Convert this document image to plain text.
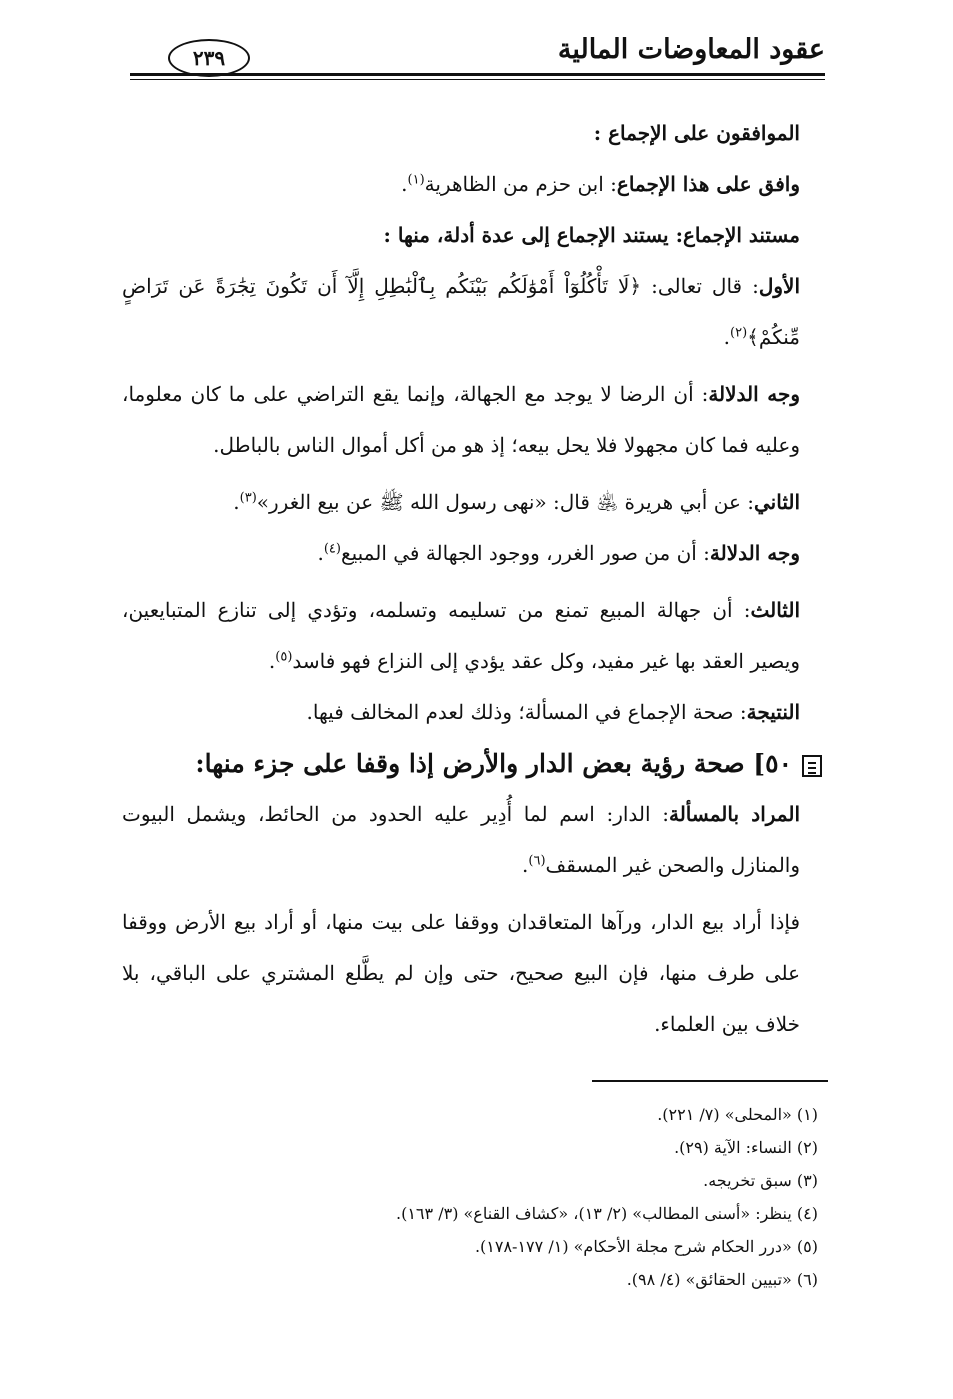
عقود المعاوضات المالية
٢٣٩

الموافقون على الإجماع :

وافق على هذا الإجماع: ابن حزم من الظاهرية$^{(١)}$.

مستند الإجماع: يستند الإجماع إلى عدة أدلة، منها :

الأول: قال تعالى: ﴿لَا تَأْكُلُوٓاْ أَمْوَٰلَكُم بَيْنَكُم بِٱلْبَٰطِلِ إِلَّآ أَن تَكُونَ تِجَٰرَةً عَن تَرَاضٍ مِّنكُمْ﴾$^{(٢)}$.

وجه الدلالة: أن الرضا لا يوجد مع الجهالة، وإنما يقع التراضي على ما كان معلوما، وعليه فما كان مجهولا فلا يحل بيعه؛ إذ هو من أكل أموال الناس بالباطل.

الثاني: عن أبي هريرة ﵁ قال: «نهى رسول الله ﷺ عن بيع الغرر»$^{(٣)}$.

وجه الدلالة: أن من صور الغرر، ووجود الجهالة في المبيع$^{(٤)}$.

الثالث: أن جهالة المبيع تمنع من تسليمه وتسلمه، وتؤدي إلى تنازع المتبايعين، ويصير العقد بها غير مفيد، وكل عقد يؤدي إلى النزاع فهو فاسد$^{(٥)}$.

النتيجة: صحة الإجماع في المسألة؛ وذلك لعدم المخالف فيها.

٥٠] صحة رؤية بعض الدار والأرض إذا وقفا على جزء منها:

المراد بالمسألة: الدار: اسم لما أُدِير عليه الحدود من الحائط، ويشمل البيوت والمنازل والصحن غير المسقف$^{(٦)}$.

فإذا أراد بيع الدار، ورآها المتعاقدان ووقفا على بيت منها، أو أراد بيع الأرض ووقفا على طرف منها، فإن البيع صحيح، حتى وإن لم يطَّلع المشتري على الباقي، بلا خلاف بين العلماء.

(١) «المحلى» (٧/ ٢٢١).
(٢) النساء: الآية (٢٩).
(٣) سبق تخريجه.
(٤) ينظر: «أسنى المطالب» (٢/ ١٣)، «كشاف القناع» (٣/ ١٦٣).
(٥) «درر الحكام شرح مجلة الأحكام» (١/ ١٧٧-١٧٨).
(٦) «تبيين الحقائق» (٤/ ٩٨).
